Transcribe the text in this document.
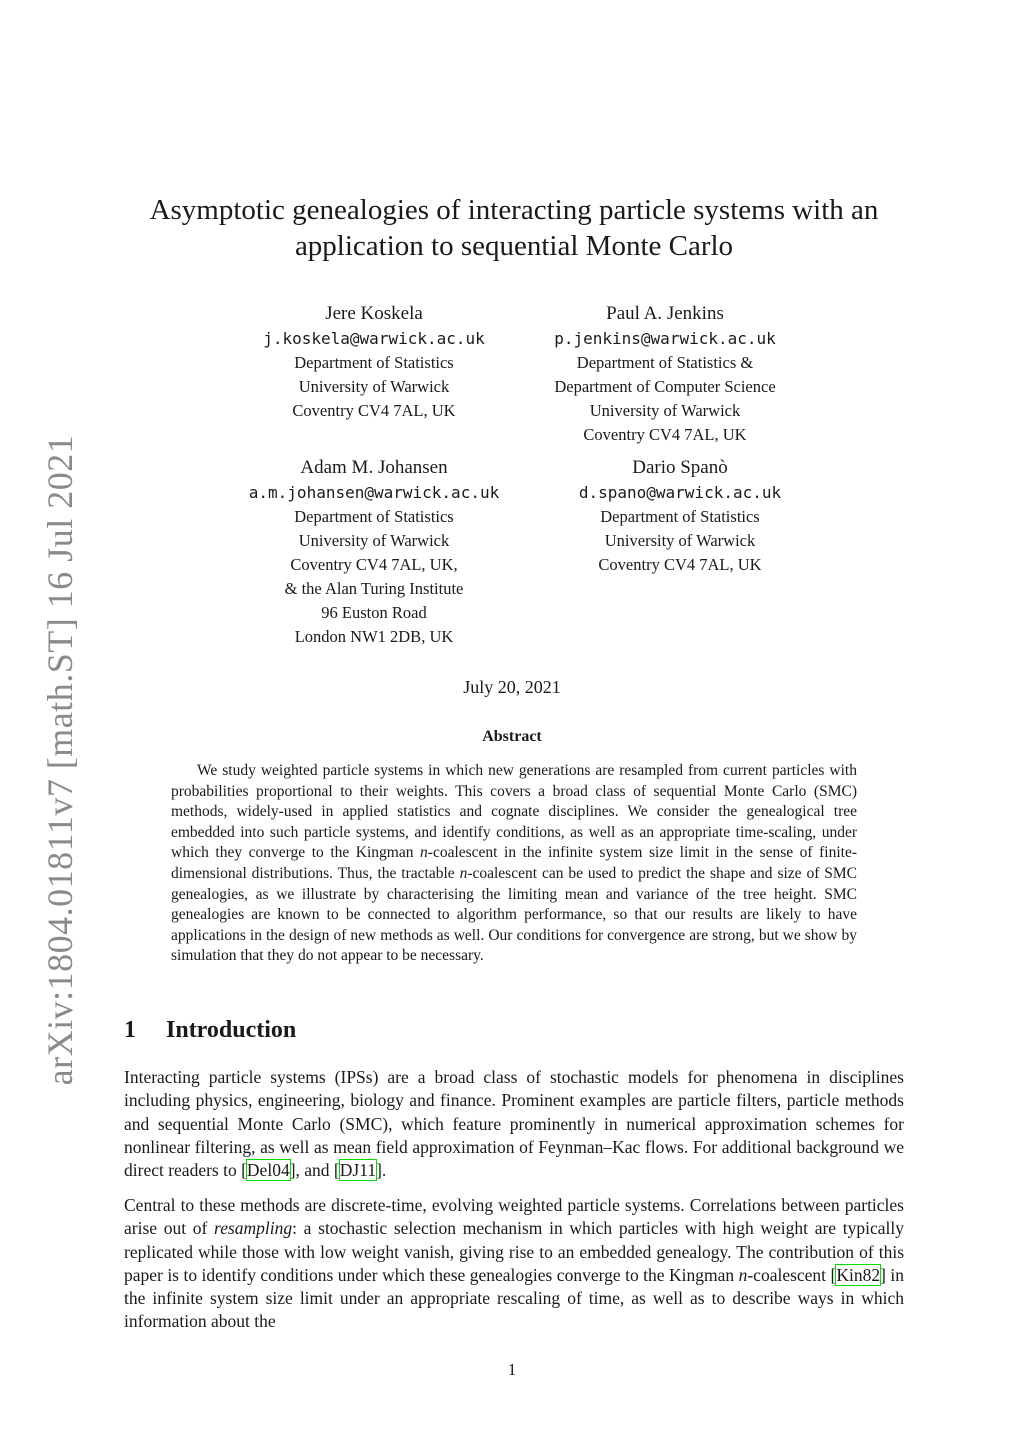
arXiv:1804.01811v7 [math.ST] 16 Jul 2021
Asymptotic genealogies of interacting particle systems with an
application to sequential Monte Carlo
Jere Koskela
j.koskela@warwick.ac.uk
Department of Statistics
University of Warwick
Coventry CV4 7AL, UK
Paul A. Jenkins
p.jenkins@warwick.ac.uk
Department of Statistics &
Department of Computer Science
University of Warwick
Coventry CV4 7AL, UK
Adam M. Johansen
a.m.johansen@warwick.ac.uk
Department of Statistics
University of Warwick
Coventry CV4 7AL, UK,
& the Alan Turing Institute
96 Euston Road
London NW1 2DB, UK
Dario Spanò
d.spano@warwick.ac.uk
Department of Statistics
University of Warwick
Coventry CV4 7AL, UK
July 20, 2021
Abstract

We study weighted particle systems in which new generations are resampled from current particles with probabilities proportional to their weights. This covers a broad class of sequential Monte Carlo (SMC) methods, widely-used in applied statistics and cognate disciplines. We consider the genealogical tree embedded into such particle systems, and identify conditions, as well as an appropriate time-scaling, under which they converge to the Kingman n-coalescent in the infinite system size limit in the sense of finite-dimensional distributions. Thus, the tractable n-coalescent can be used to predict the shape and size of SMC genealogies, as we illustrate by characterising the limiting mean and variance of the tree height. SMC genealogies are known to be connected to algorithm performance, so that our results are likely to have applications in the design of new methods as well. Our conditions for convergence are strong, but we show by simulation that they do not appear to be necessary.

1 Introduction

Interacting particle systems (IPSs) are a broad class of stochastic models for phenomena in disciplines including physics, engineering, biology and finance. Prominent examples are particle filters, particle methods and sequential Monte Carlo (SMC), which feature prominently in numerical approximation schemes for nonlinear filtering, as well as mean field approximation of Feynman–Kac flows. For additional background we direct readers to [Del04], and [DJ11].

Central to these methods are discrete-time, evolving weighted particle systems. Correlations between particles arise out of resampling: a stochastic selection mechanism in which particles with high weight are typically replicated while those with low weight vanish, giving rise to an embedded genealogy. The contribution of this paper is to identify conditions under which these genealogies converge to the Kingman n-coalescent [Kin82] in the infinite system size limit under an appropriate rescaling of time, as well as to describe ways in which information about the

1
